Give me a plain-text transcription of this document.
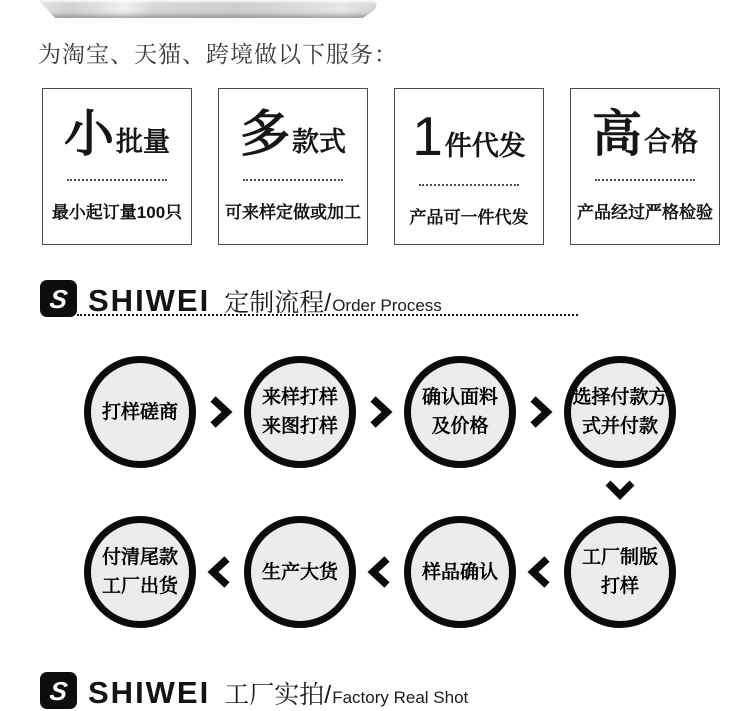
为淘宝、天猫、跨境做以下服务：
小 批量
最小起订量100只
多 款式
可来样定做或加工
1 件代发
产品可一件代发
高 合格
产品经过严格检验
S SHIWEI 定制流程/ Order Process
打样磋商
来样打样
来图打样
确认面料
及价格
选择付款方
式并付款
付清尾款
工厂出货
生产大货	样品确认
工厂制版
打样
S SHIWEI 工厂实拍/ Factory Real Shot
